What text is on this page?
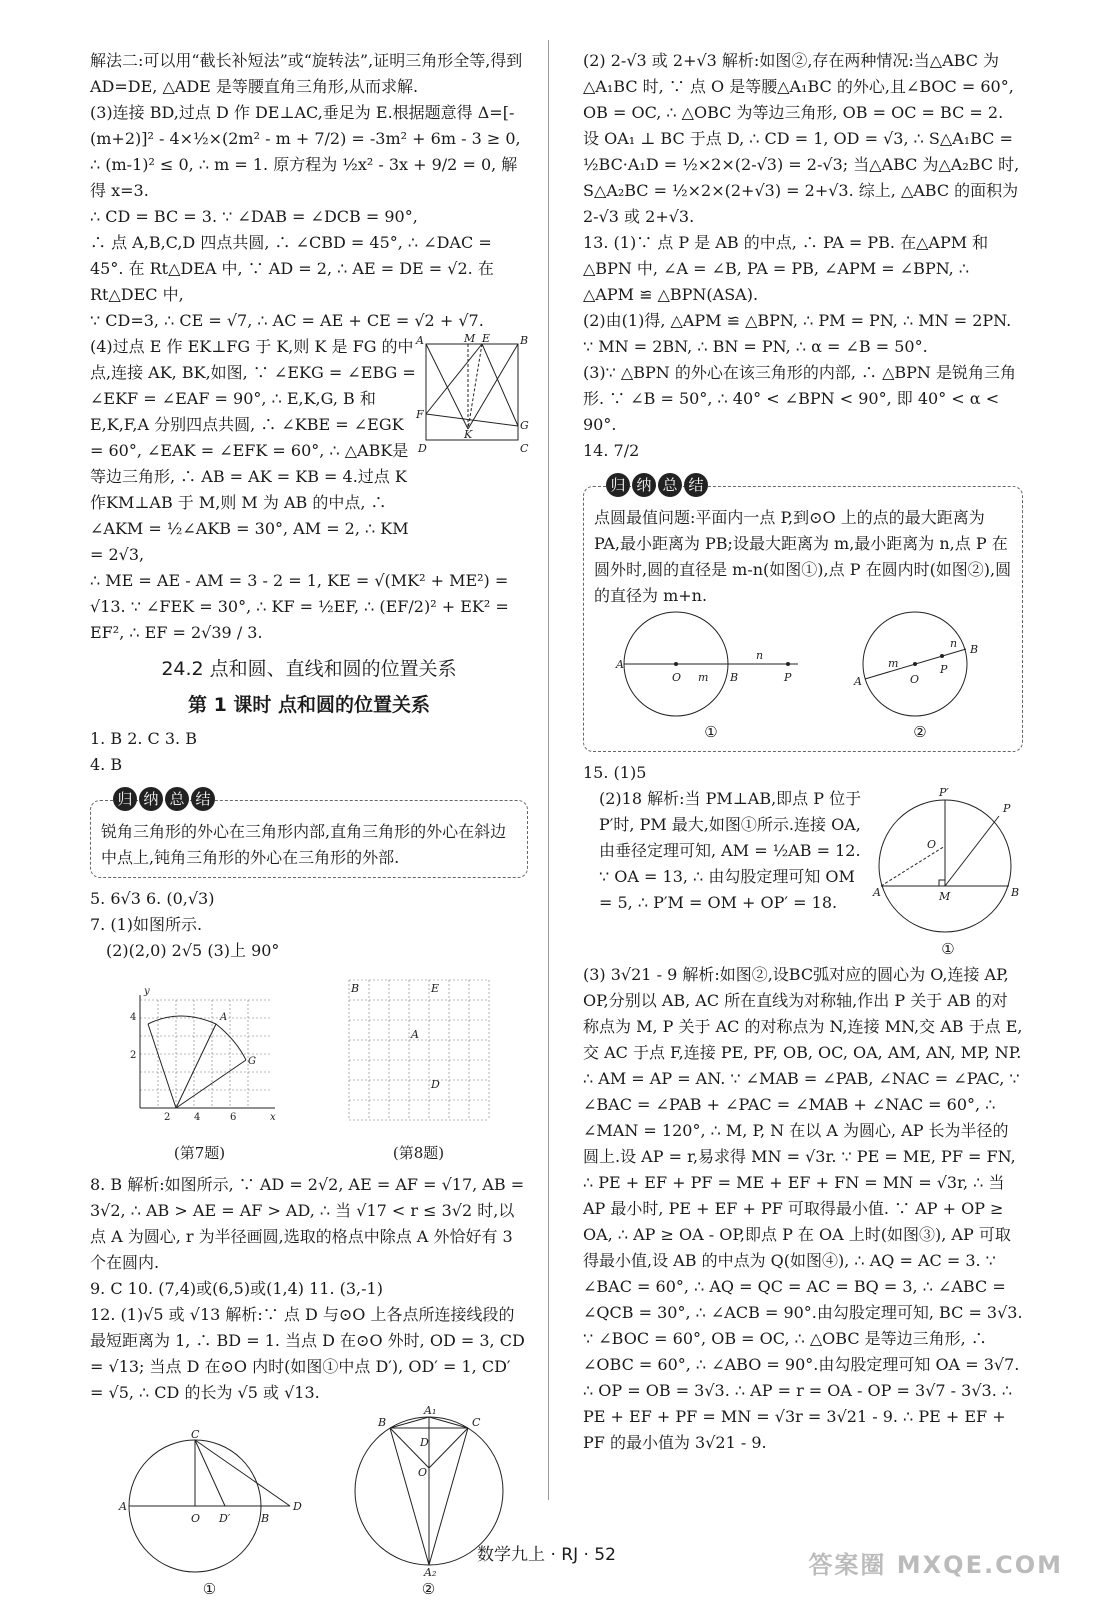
解法二:可以用“截长补短法”或“旋转法”,证明三角形全等,得到 AD=DE, △ADE 是等腰直角三角形,从而求解.

(3)连接 BD,过点 D 作 DE⊥AC,垂足为 E.根据题意得 Δ=[-(m+2)]² - 4×½×(2m² - m + 7/2) = -3m² + 6m - 3 ≥ 0,

∴ (m-1)² ≤ 0, ∴ m = 1. 原方程为 ½x² - 3x + 9/2 = 0, 解得 x=3.

∴ CD = BC = 3. ∵ ∠DAB = ∠DCB = 90°,

∴ 点 A,B,C,D 四点共圆, ∴ ∠CBD = 45°, ∴ ∠DAC = 45°. 在 Rt△DEA 中, ∵ AD = 2, ∴ AE = DE = √2. 在 Rt△DEC 中,

∵ CD=3, ∴ CE = √7, ∴ AC = AE + CE = √2 + √7.

(4)过点 E 作 EK⊥FG 于 K,则 K 是 FG 的中点,连接 AK, BK,如图, ∵ ∠EKG = ∠EBG = ∠EKF = ∠EAF = 90°, ∴ E,K,G, B 和 E,K,F,A 分别四点共圆, ∴ ∠KBE = ∠EGK = 60°, ∠EAK = ∠EFK = 60°, ∴ △ABK是等边三角形, ∴ AB = AK = KB = 4.过点 K 作KM⊥AB 于 M,则 M 为 AB 的中点, ∴ ∠AKM = ½∠AKB = 30°, AM = 2, ∴ KM = 2√3,

A	M E	B
F
G
K
D	C

∴ ME = AE - AM = 3 - 2 = 1, KE = √(MK² + ME²) = √13. ∵ ∠FEK = 30°, ∴ KF = ½EF, ∴ (EF/2)² + EK² = EF², ∴ EF = 2√39 / 3.

24.2 点和圆、直线和圆的位置关系
第 1 课时 点和圆的位置关系

1. B 2. C 3. B

4. B

归 纳 总 结

锐角三角形的外心在三角形内部,直角三角形的外心在斜边中点上,钝角三角形的外心在三角形的外部.

5. 6√3 6. (0,√3)

7. (1)如图所示.

(2)(2,0) 2√5 (3)上 90°

4
2
2 4	6
y
x
G
A
(第7题)
B	E
A
D
(第8题)

8. B 解析:如图所示, ∵ AD = 2√2, AE = AF = √17, AB = 3√2, ∴ AB > AE = AF > AD, ∴ 当 √17 < r ≤ 3√2 时,以点 A 为圆心, r 为半径画圆,选取的格点中除点 A 外恰好有 3 个在圆内.

9. C 10. (7,4)或(6,5)或(1,4) 11. (3,-1)

12. (1)√5 或 √13 解析:∵ 点 D 与⊙O 上各点所连接线段的最短距离为 1, ∴ BD = 1. 当点 D 在⊙O 外时, OD = 3, CD = √13; 当点 D 在⊙O 内时(如图①中点 D′), OD′ = 1, CD′ = √5, ∴ CD 的长为 √5 或 √13.

A
C
O D′	B
D
①
A₁
B	C
D
O
A₂
②

(2) 2-√3 或 2+√3 解析:如图②,存在两种情况:当△ABC 为△A₁BC 时, ∵ 点 O 是等腰△A₁BC 的外心,且∠BOC = 60°, OB = OC, ∴ △OBC 为等边三角形, OB = OC = BC = 2. 设 OA₁ ⊥ BC 于点 D, ∴ CD = 1, OD = √3, ∴ S△A₁BC = ½BC·A₁D = ½×2×(2-√3) = 2-√3; 当△ABC 为△A₂BC 时, S△A₂BC = ½×2×(2+√3) = 2+√3. 综上, △ABC 的面积为 2-√3 或 2+√3.

13. (1)∵ 点 P 是 AB 的中点, ∴ PA = PB. 在△APM 和△BPN 中, ∠A = ∠B, PA = PB, ∠APM = ∠BPN, ∴ △APM ≌ △BPN(ASA).

(2)由(1)得, △APM ≌ △BPN, ∴ PM = PN, ∴ MN = 2PN. ∵ MN = 2BN, ∴ BN = PN, ∴ α = ∠B = 50°.

(3)∵ △BPN 的外心在该三角形的内部, ∴ △BPN 是锐角三角形. ∵ ∠B = 50°, ∴ 40° < ∠BPN < 90°, 即 40° < α < 90°.

14. 7/2

归 纳 总 结

点圆最值问题:平面内一点 P,到⊙O 上的点的最大距离为 PA,最小距离为 PB;设最大距离为 m,最小距离为 n,点 P 在圆外时,圆的直径是 m-n(如图①),点 P 在圆内时(如图②),圆的直径为 m+n.

A
O m B
n
P
①
A
m
O
P
n B
②

15. (1)5

(2)18 解析:当 PM⊥AB,即点 P 位于 P′时, PM 最大,如图①所示.连接 OA,由垂径定理可知, AM = ½AB = 12. ∵ OA = 13, ∴ 由勾股定理可知 OM = 5, ∴ P′M = OM + OP′ = 18.

P′
P
O
A	M	B
①

(3) 3√21 - 9 解析:如图②,设BC弧对应的圆心为 O,连接 AP, OP,分别以 AB, AC 所在直线为对称轴,作出 P 关于 AB 的对称点为 M, P 关于 AC 的对称点为 N,连接 MN,交 AB 于点 E,交 AC 于点 F,连接 PE, PF, OB, OC, OA, AM, AN, MP, NP. ∴ AM = AP = AN. ∵ ∠MAB = ∠PAB, ∠NAC = ∠PAC, ∵ ∠BAC = ∠PAB + ∠PAC = ∠MAB + ∠NAC = 60°, ∴ ∠MAN = 120°, ∴ M, P, N 在以 A 为圆心, AP 长为半径的圆上.设 AP = r,易求得 MN = √3r. ∵ PE = ME, PF = FN, ∴ PE + EF + PF = ME + EF + FN = MN = √3r, ∴ 当 AP 最小时, PE + EF + PF 可取得最小值. ∵ AP + OP ≥ OA, ∴ AP ≥ OA - OP,即点 P 在 OA 上时(如图③), AP 可取得最小值,设 AB 的中点为 Q(如图④), ∴ AQ = AC = 3. ∵ ∠BAC = 60°, ∴ AQ = QC = AC = BQ = 3, ∴ ∠ABC = ∠QCB = 30°, ∴ ∠ACB = 90°.由勾股定理可知, BC = 3√3. ∵ ∠BOC = 60°, OB = OC, ∴ △OBC 是等边三角形, ∴ ∠OBC = 60°, ∴ ∠ABO = 90°.由勾股定理可知 OA = 3√7. ∴ OP = OB = 3√3. ∴ AP = r = OA - OP = 3√7 - 3√3. ∴ PE + EF + PF = MN = √3r = 3√21 - 9. ∴ PE + EF + PF 的最小值为 3√21 - 9.

数学九上 · RJ · 52	答案圈 MXQE.COM
